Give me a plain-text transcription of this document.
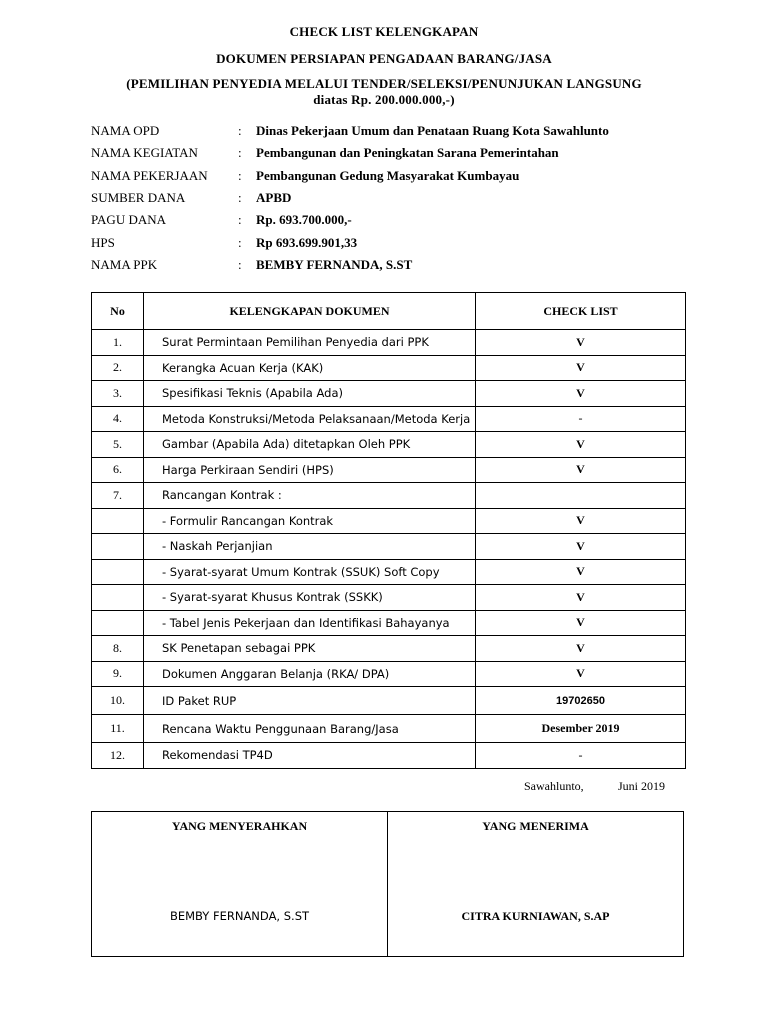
CHECK LIST KELENGKAPAN
DOKUMEN PERSIAPAN PENGADAAN BARANG/JASA
(PEMILIHAN PENYEDIA MELALUI TENDER/SELEKSI/PENUNJUKAN LANGSUNG
diatas Rp. 200.000.000,-)
NAMA OPD	:	Dinas Pekerjaan Umum dan Penataan Ruang Kota Sawahlunto
NAMA KEGIATAN	:	Pembangunan dan Peningkatan Sarana Pemerintahan
NAMA PEKERJAAN	:	Pembangunan Gedung Masyarakat Kumbayau
SUMBER DANA	:	APBD
PAGU DANA	:	Rp. 693.700.000,-
HPS	:	Rp 693.699.901,33
NAMA PPK	:	BEMBY FERNANDA, S.ST
No	KELENGKAPAN DOKUMEN	CHECK LIST
1.	Surat Permintaan Pemilihan Penyedia dari PPK	V
2.	Kerangka Acuan Kerja (KAK)	V
3.	Spesifikasi Teknis (Apabila Ada)	V
4.	Metoda Konstruksi/Metoda Pelaksanaan/Metoda Kerja	-
5.	Gambar (Apabila Ada) ditetapkan Oleh PPK	V
6.	Harga Perkiraan Sendiri (HPS)	V
7.	Rancangan Kontrak :	
	- Formulir Rancangan Kontrak	V
	- Naskah Perjanjian	V
	- Syarat-syarat Umum Kontrak (SSUK) Soft Copy	V
	- Syarat-syarat Khusus Kontrak (SSKK)	V
	- Tabel Jenis Pekerjaan dan Identifikasi Bahayanya	V
8.	SK Penetapan sebagai PPK	V
9.	Dokumen Anggaran Belanja (RKA/ DPA)	V
10.	ID Paket RUP	19702650
11.	Rencana Waktu Penggunaan Barang/Jasa	Desember 2019
12.	Rekomendasi TP4D	-
Sawahlunto,	Juni 2019
YANG MENYERAHKAN
BEMBY FERNANDA, S.ST

YANG MENERIMA
CITRA KURNIAWAN, S.AP
